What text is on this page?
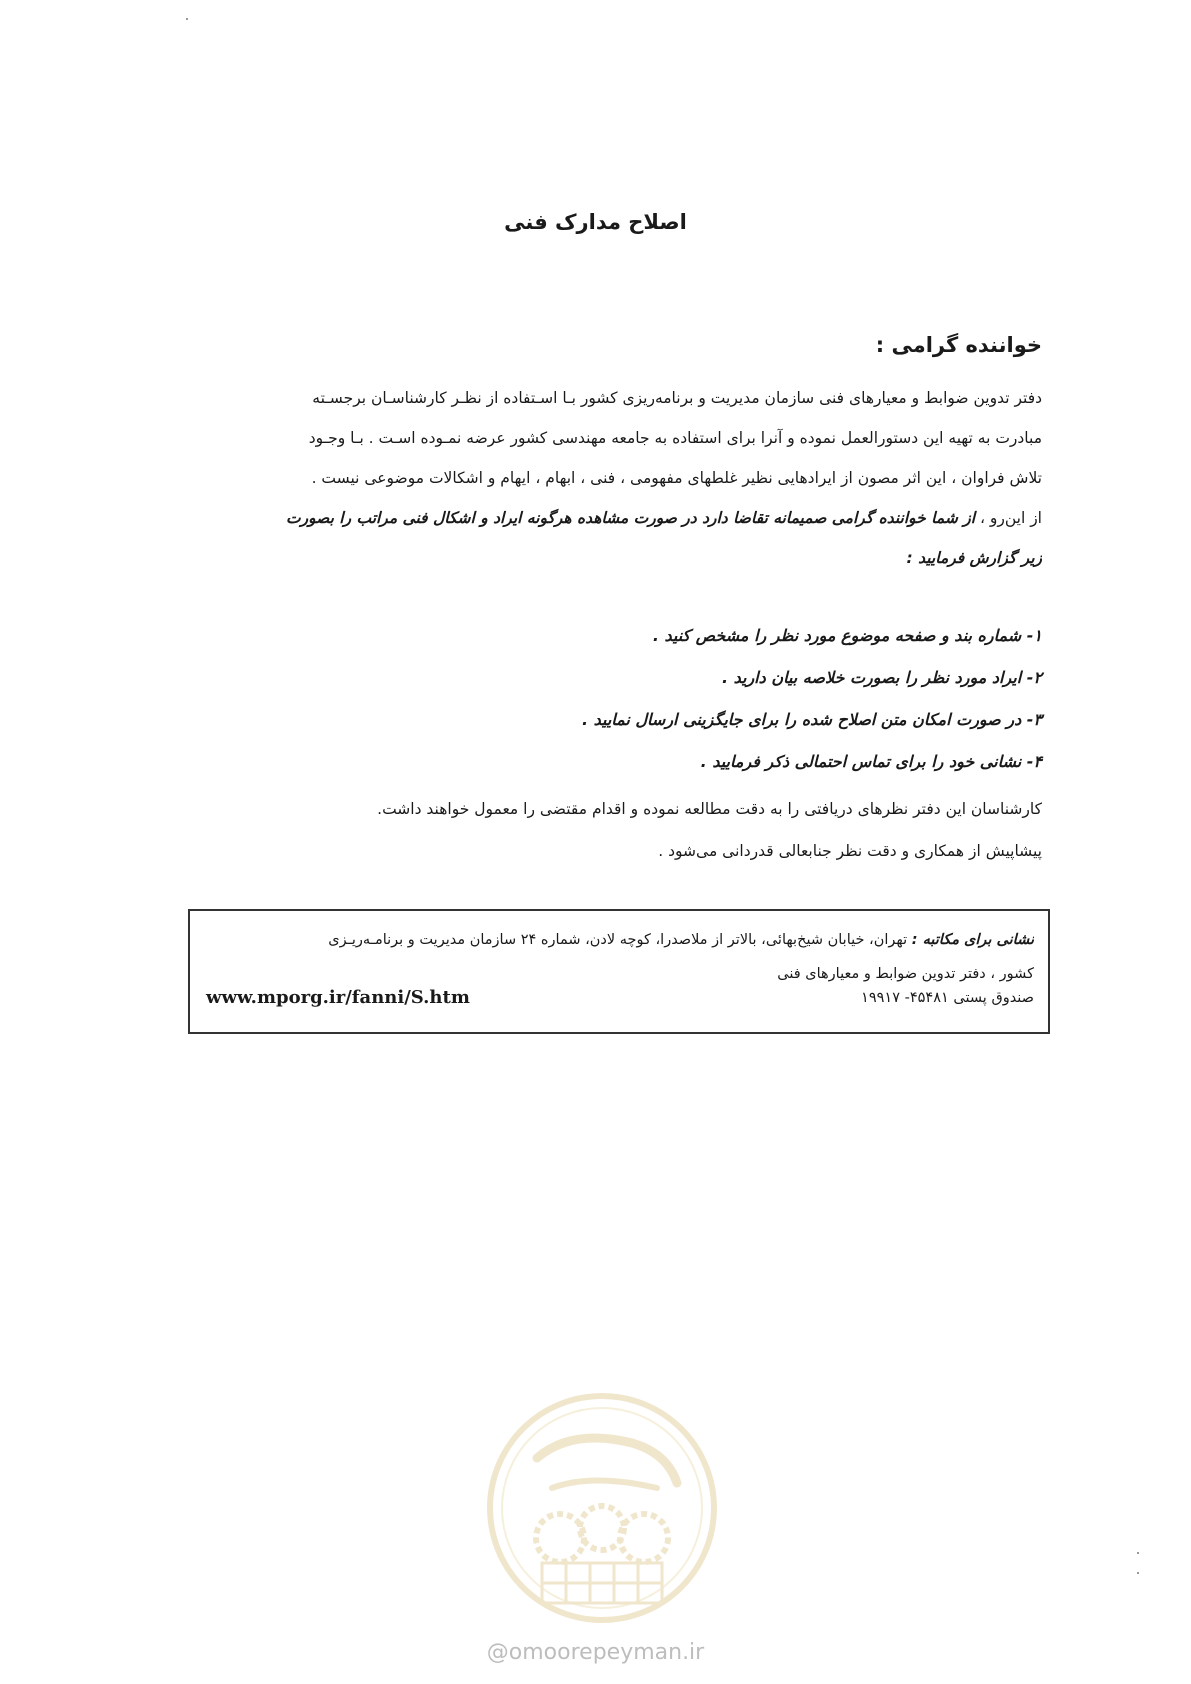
اصلاح مدارک فنی
خواننده گرامی :
دفتر تدوین ضوابط و معیارهای فنی سازمان مدیریت و برنامه‌ریزی کشور بـا اسـتفاده از نظـر کارشناسـان برجسـته
مبادرت به تهیه این دستورالعمل نموده و آنرا برای استفاده به جامعه مهندسی کشور عرضه نمـوده اسـت . بـا وجـود
تلاش فراوان ، این اثر مصون از ایرادهایی نظیر غلطهای مفهومی ، فنی ، ابهام ، ایهام و اشکالات موضوعی نیست .
از این‌رو ، از شما خواننده گرامی صمیمانه تقاضا دارد در صورت مشاهده هرگونه ایراد و اشکال فنی مراتب را بصورت
زیر گزارش فرمایید :
۱- شماره بند و صفحه موضوع مورد نظر را مشخص کنید .
۲- ایراد مورد نظر را بصورت خلاصه بیان دارید .
۳- در صورت امکان متن اصلاح شده را برای جایگزینی ارسال نمایید .
۴- نشانی خود را برای تماس احتمالی ذکر فرمایید .
کارشناسان این دفتر نظرهای دریافتی را به دقت مطالعه نموده و اقدام مقتضی را معمول خواهند داشت.
پیشاپیش از همکاری و دقت نظر جنابعالی قدردانی می‌شود .
نشانی برای مکاتبه : تهران، خیابان شیخ‌بهائی، بالاتر از ملاصدرا، کوچه لادن، شماره ۲۴ سازمان مدیریت و برنامـه‌ریـزی
کشور ، دفتر تدوین ضوابط و معیارهای فنی
صندوق پستی ۴۵۴۸۱- ۱۹۹۱۷
www.mporg.ir/fanni/S.htm
@omoorepeyman.ir
